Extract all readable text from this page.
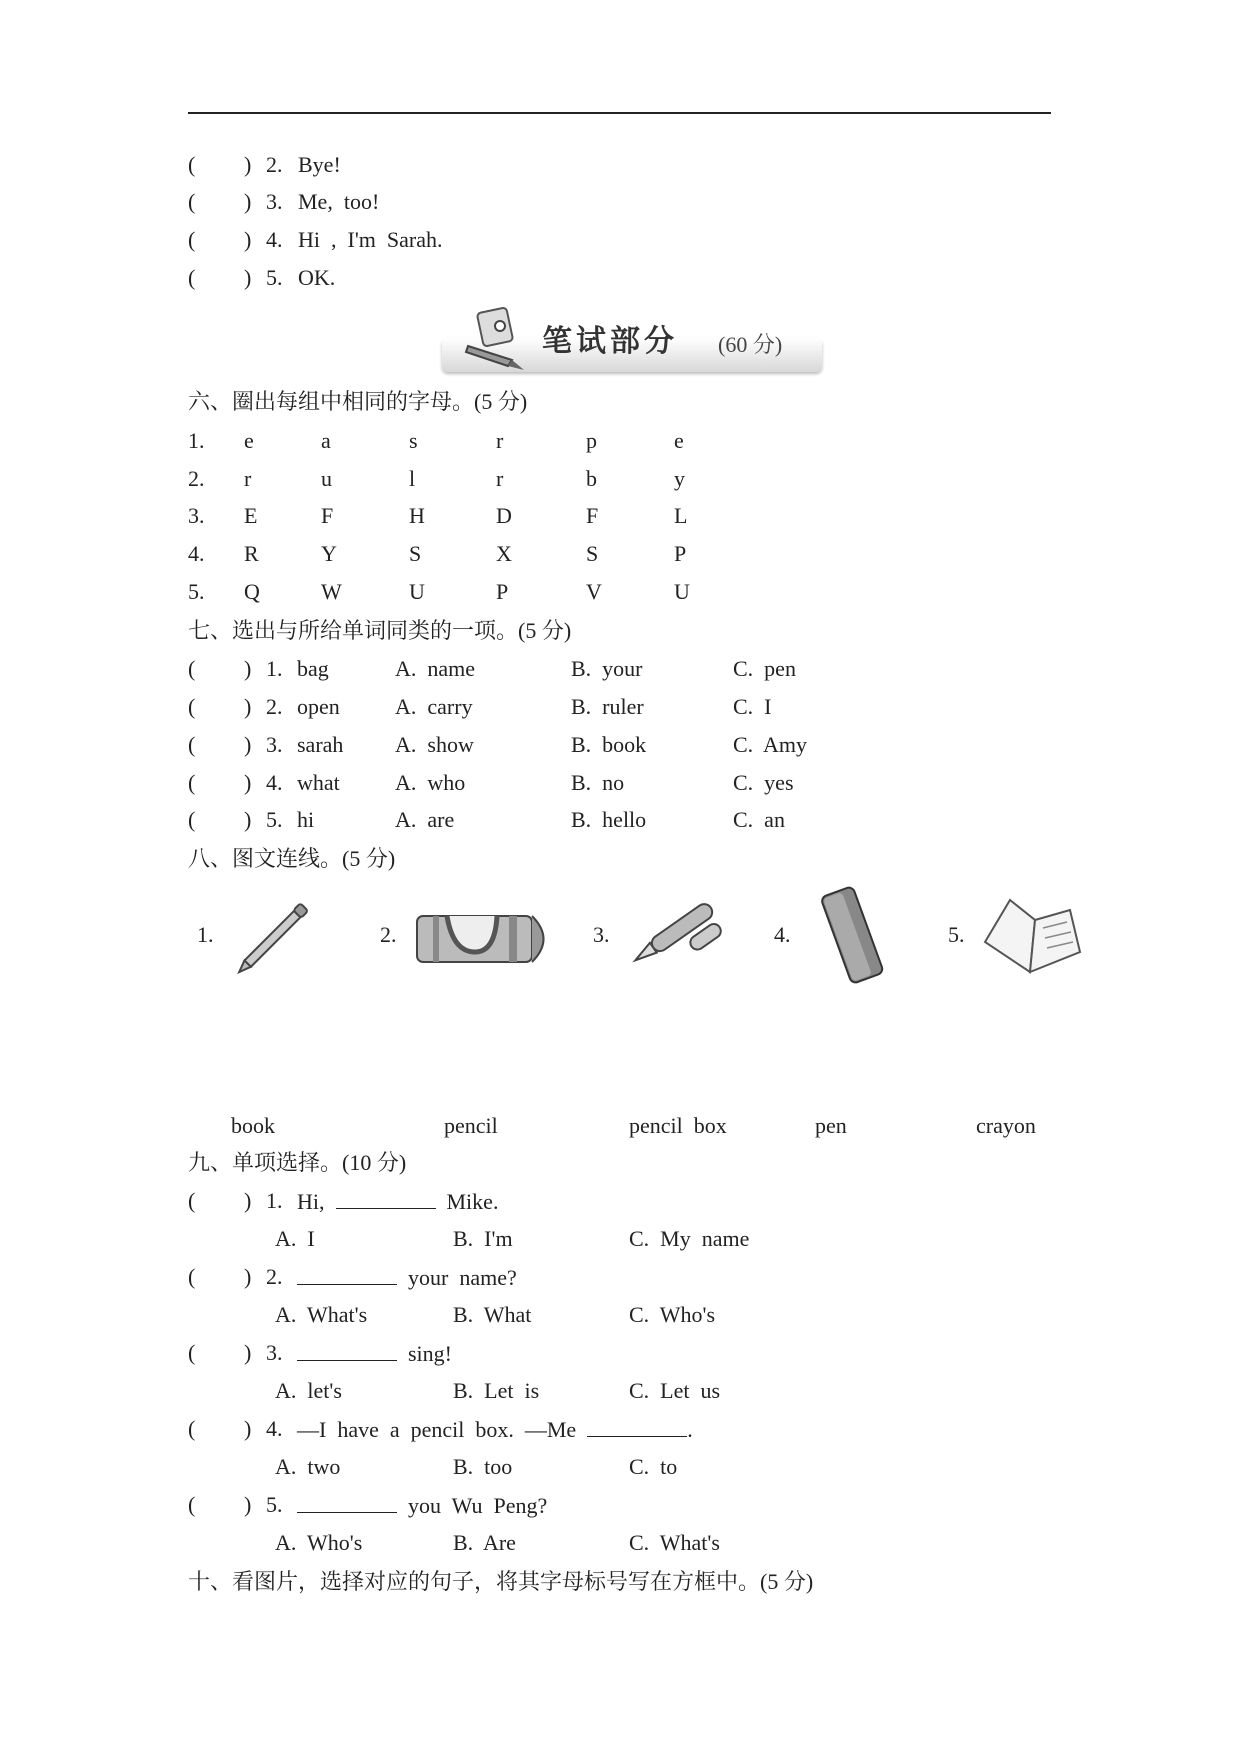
笔试部分 (60 分)
( ) 2. Bye!
( ) 3. Me,  too!
( ) 4. Hi  ,  I'm  Sarah.
( ) 5. OK.
六、圈出每组中相同的字母。(5 分)
1. e	a	s	r	p	e
2. r	u	l	r	b	y
3. E	F	H	D	F	L
4. R	Y	S	X	S	P
5. Q	W	U	P	V	U
七、选出与所给单词同类的一项。(5 分)
( ) 1. bag	A.  name	B.  your	C.  pen
( ) 2. open	A.  carry	B.  ruler	C.  I
( ) 3. sarah A.  show	B.  book	C.  Amy
( ) 4. what	A.  who	B.  no	C.  yes
( ) 5. hi	A.  are	B.  hello	C.  an
八、图文连线。(5 分)
1.	2.	3.	4.	5.
book	pencil	pencil  box	pen	crayon
九、单项选择。(10 分)
( ) 1. Hi,	Mike.
A.  I	B.  I'm	C.  My  name
( ) 2.	your  name?
A.  What's	B.  What	C.  Who's
( ) 3.	sing!
A.  let's	B.  Let  is	C.  Let  us
( ) 4. —I  have  a  pencil  box.  —Me	.
A.  two	B.  too	C.  to
( ) 5.	you  Wu  Peng?
A.  Who's	B.  Are	C.  What's
十、看图片，选择对应的句子，将其字母标号写在方框中。(5 分)
